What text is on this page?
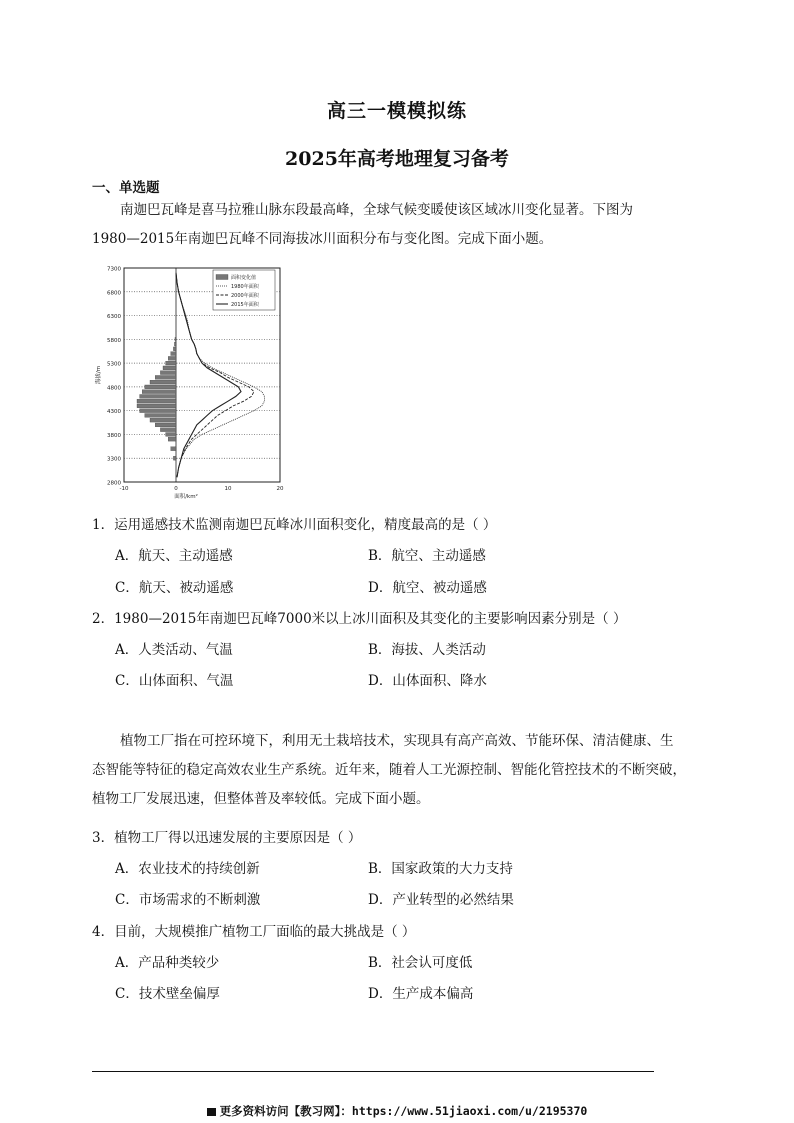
高三一模模拟练
2025年高考地理复习备考
一、单选题
南迦巴瓦峰是喜马拉雅山脉东段最高峰，全球气候变暖使该区域冰川变化显著。下图为
1980—2015年南迦巴瓦峰不同海拔冰川面积分布与变化图。完成下面小题。
7300
6800
6300
5800
5300
4800
4300
3800
3300
2800
-10	0	10	20
海拔/m
面积/km²
面积变化值
1980年面积
2000年面积
2015年面积
1．运用遥感技术监测南迦巴瓦峰冰川面积变化，精度最高的是（ ）
A．航天、主动遥感	B．航空、主动遥感
C．航天、被动遥感	D．航空、被动遥感
2．1980—2015年南迦巴瓦峰7000米以上冰川面积及其变化的主要影响因素分别是（ ）
A．人类活动、气温	B．海拔、人类活动
C．山体面积、气温	D．山体面积、降水
植物工厂指在可控环境下，利用无土栽培技术，实现具有高产高效、节能环保、清洁健康、生
态智能等特征的稳定高效农业生产系统。近年来，随着人工光源控制、智能化管控技术的不断突破，
植物工厂发展迅速，但整体普及率较低。完成下面小题。
3．植物工厂得以迅速发展的主要原因是（ ）
A．农业技术的持续创新	B．国家政策的大力支持
C．市场需求的不断刺激	D．产业转型的必然结果
4．目前，大规模推广植物工厂面临的最大挑战是（ ）
A．产品种类较少	B．社会认可度低
C．技术壁垒偏厚	D．生产成本偏高
更多资料访问【教习网】：https://www.51jiaoxi.com/u/2195370
